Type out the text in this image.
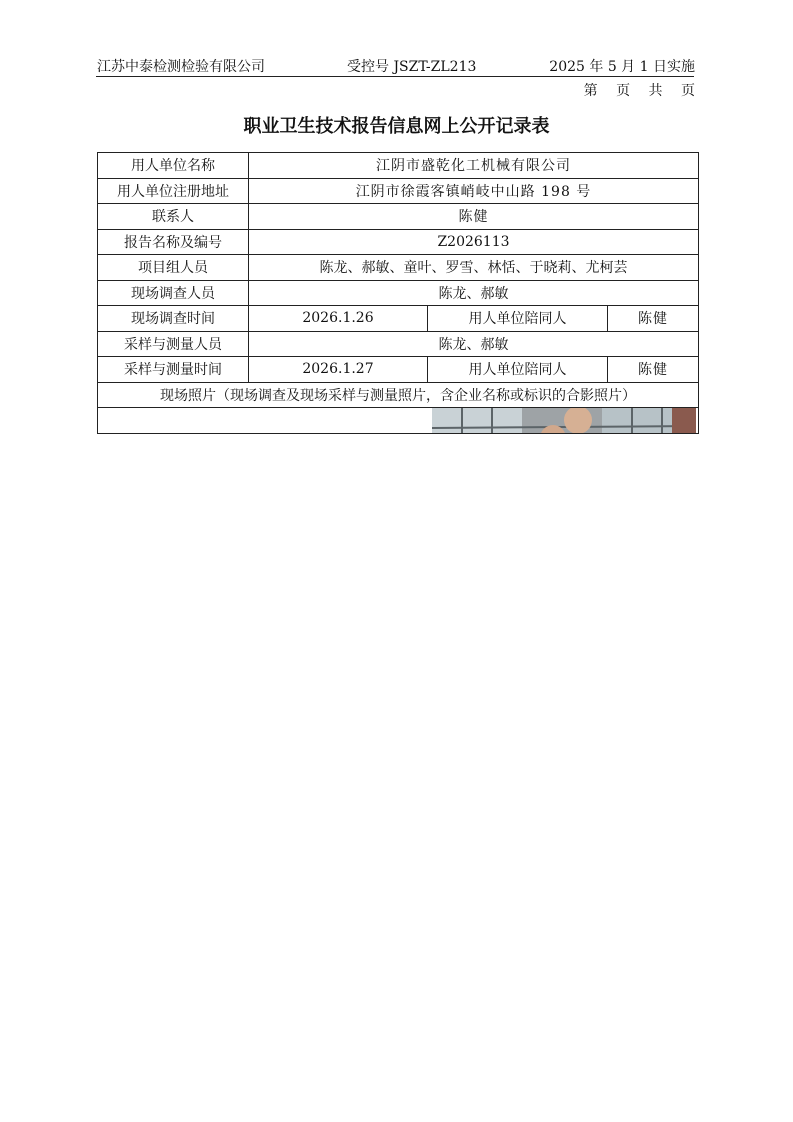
江苏中泰检测检验有限公司	受控号 JSZT-ZL213	2025 年 5 月 1 日实施
第 页 共 页
职业卫生技术报告信息网上公开记录表
用人单位名称	江阴市盛乾化工机械有限公司		
用人单位注册地址	江阴市徐霞客镇峭岐中山路 198 号		
联系人	陈健		
报告名称及编号	Z2026113		
项目组人员	陈龙、郝敏、童叶、罗雪、林恬、于晓莉、尤柯芸		
现场调查人员	陈龙、郝敏		
现场调查时间	2026.1.26	用人单位陪同人	陈健
采样与测量人员	陈龙、郝敏		
采样与测量时间	2026.1.27	用人单位陪同人	陈健
现场照片（现场调查及现场采样与测量照片，含企业名称或标识的合影照片）			
